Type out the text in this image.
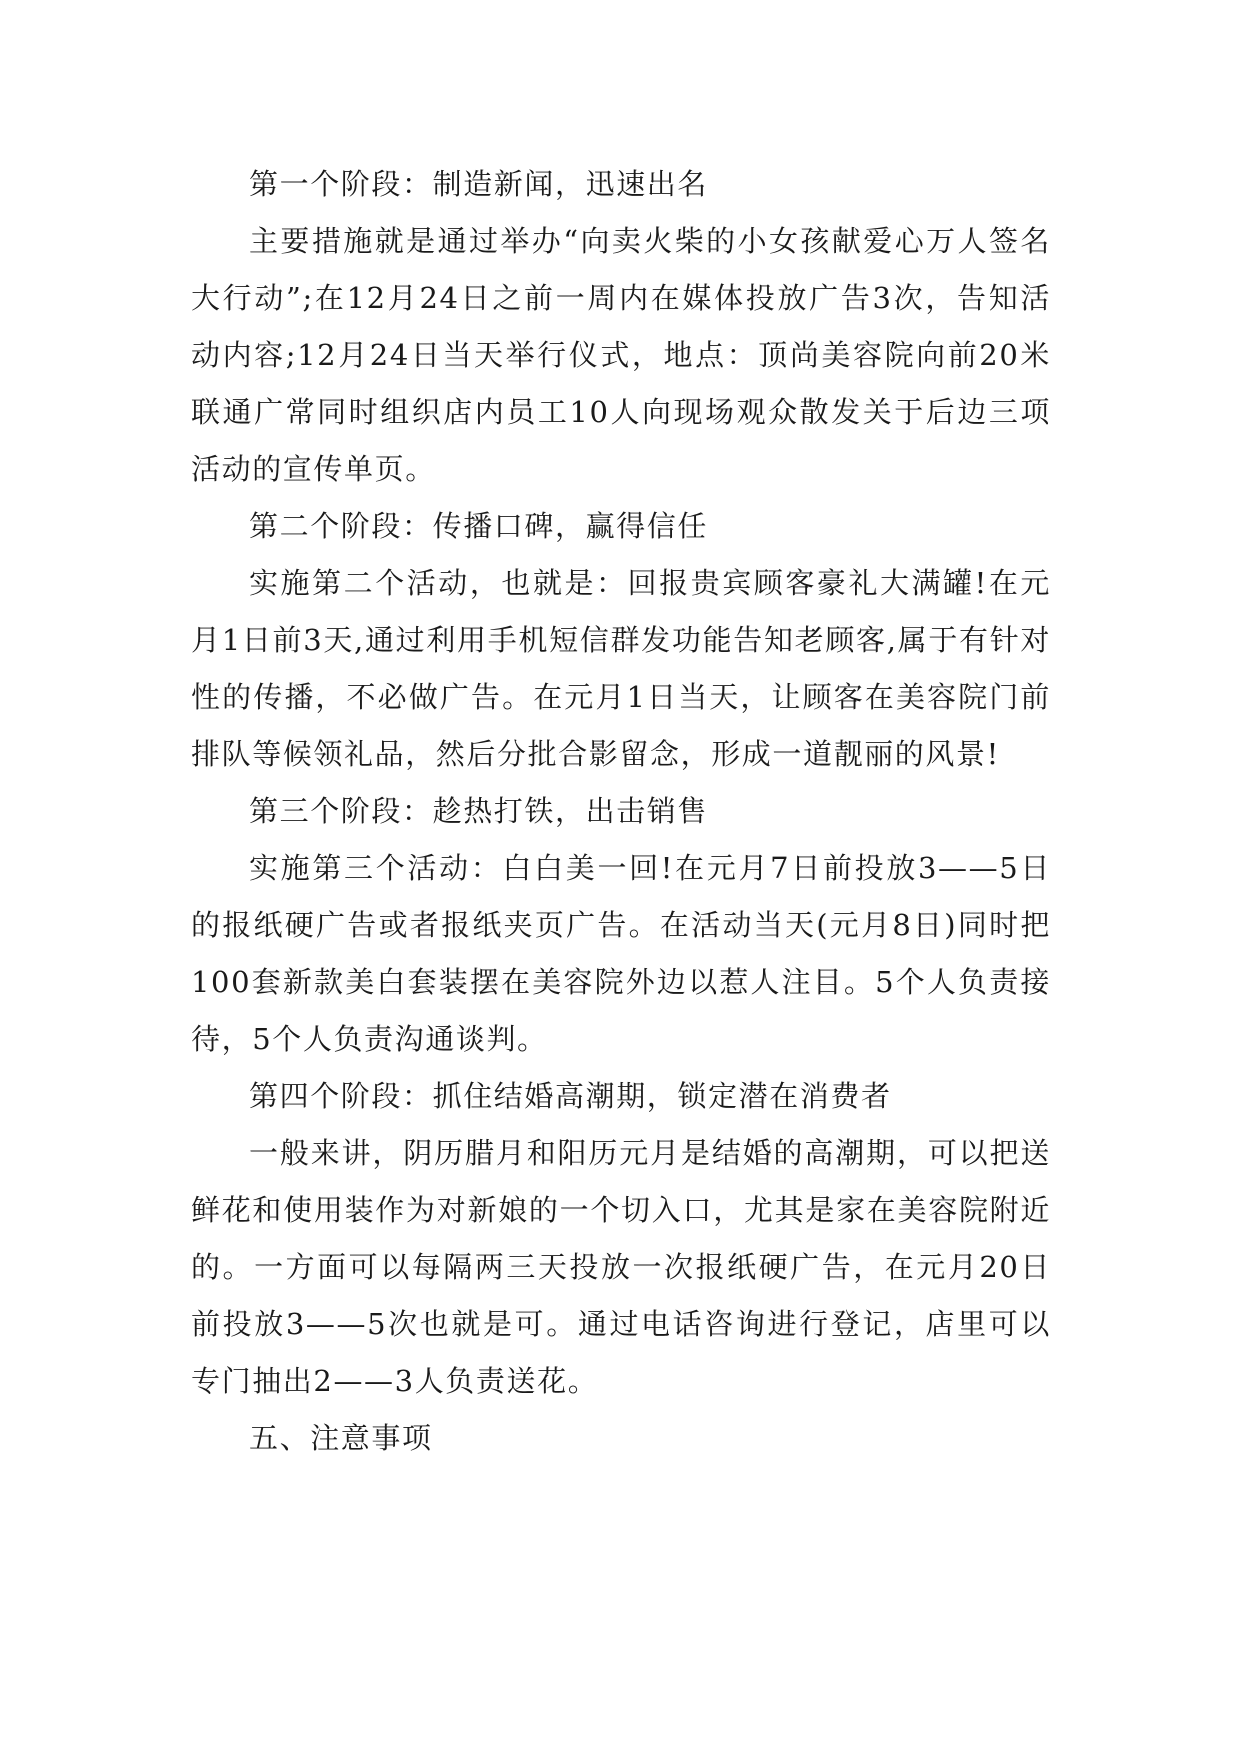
第一个阶段：制造新闻，迅速出名

主要措施就是通过举办“向卖火柴的小女孩献爱心万人签名大行动”;在12月24日之前一周内在媒体投放广告3次，告知活动内容;12月24日当天举行仪式，地点：顶尚美容院向前20米联通广常同时组织店内员工10人向现场观众散发关于后边三项活动的宣传单页。

第二个阶段：传播口碑，赢得信任

实施第二个活动，也就是：回报贵宾顾客豪礼大满罐!在元月1日前3天,通过利用手机短信群发功能告知老顾客,属于有针对性的传播，不必做广告。在元月1日当天，让顾客在美容院门前排队等候领礼品，然后分批合影留念，形成一道靓丽的风景!

第三个阶段：趁热打铁，出击销售

实施第三个活动：白白美一回!在元月7日前投放3——5日的报纸硬广告或者报纸夹页广告。在活动当天(元月8日)同时把100套新款美白套装摆在美容院外边以惹人注目。5个人负责接待，5个人负责沟通谈判。

第四个阶段：抓住结婚高潮期，锁定潜在消费者

一般来讲，阴历腊月和阳历元月是结婚的高潮期，可以把送鲜花和使用装作为对新娘的一个切入口，尤其是家在美容院附近的。一方面可以每隔两三天投放一次报纸硬广告，在元月20日前投放3——5次也就是可。通过电话咨询进行登记，店里可以专门抽出2——3人负责送花。

五、注意事项
